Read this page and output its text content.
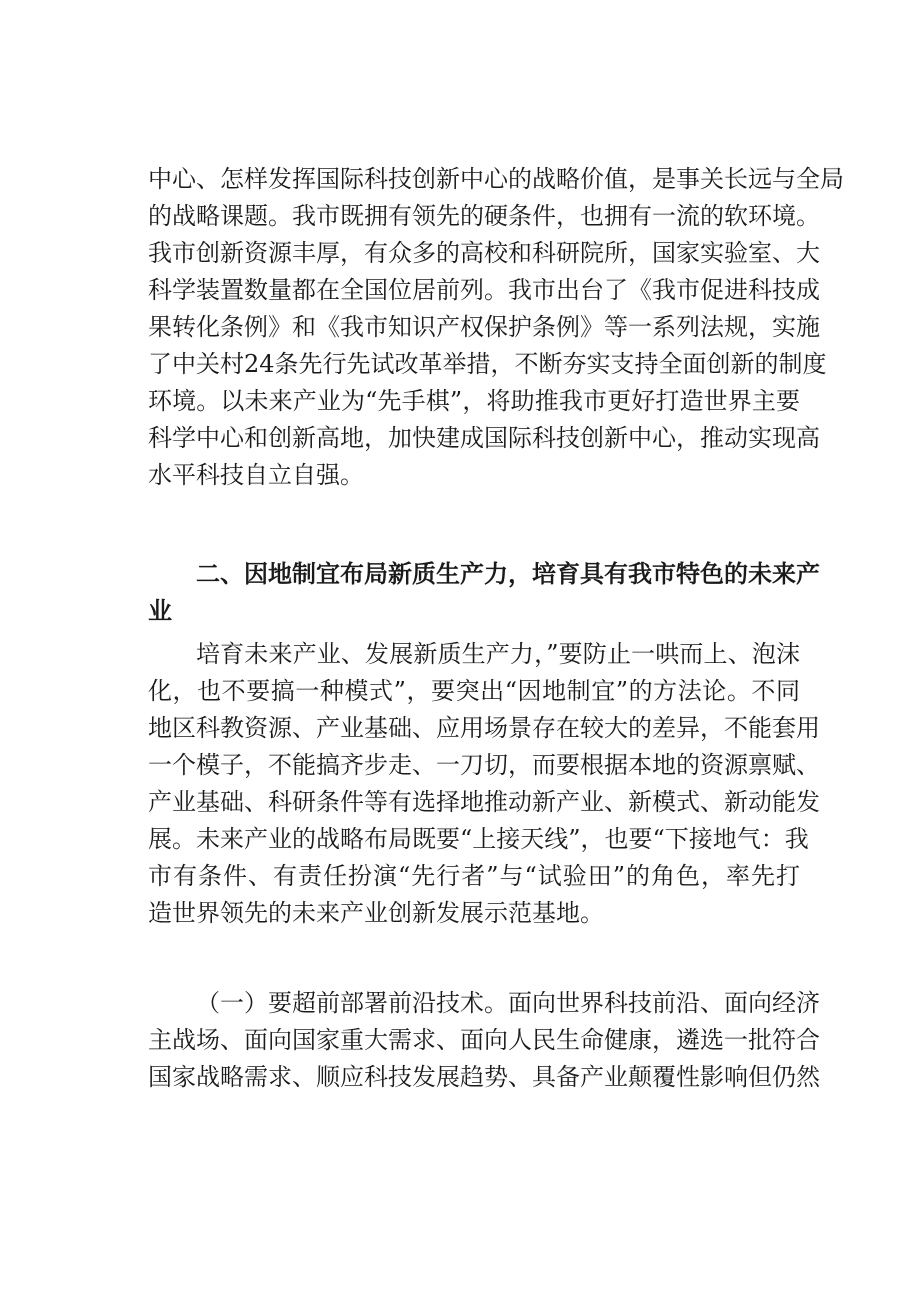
中心、怎样发挥国际科技创新中心的战略价值，是事关长远与全局
的战略课题。我市既拥有领先的硬条件，也拥有一流的软环境。
我市创新资源丰厚，有众多的高校和科研院所，国家实验室、大
科学装置数量都在全国位居前列。我市出台了《我市促进科技成
果转化条例》和《我市知识产权保护条例》等一系列法规，实施
了中关村24条先行先试改革举措，不断夯实支持全面创新的制度
环境。以未来产业为“先手棋”，将助推我市更好打造世界主要
科学中心和创新高地，加快建成国际科技创新中心，推动实现高
水平科技自立自强。
二、因地制宜布局新质生产力，培育具有我市特色的未来产
业
培育未来产业、发展新质生产力，”要防止一哄而上、泡沫
化，也不要搞一种模式”，要突出“因地制宜”的方法论。不同
地区科教资源、产业基础、应用场景存在较大的差异，不能套用
一个模子，不能搞齐步走、一刀切，而要根据本地的资源禀赋、
产业基础、科研条件等有选择地推动新产业、新模式、新动能发
展。未来产业的战略布局既要“上接天线”，也要“下接地气：我
市有条件、有责任扮演“先行者”与“试验田”的角色，率先打
造世界领先的未来产业创新发展示范基地。
（一）要超前部署前沿技术。面向世界科技前沿、面向经济
主战场、面向国家重大需求、面向人民生命健康，遴选一批符合
国家战略需求、顺应科技发展趋势、具备产业颠覆性影响但仍然
